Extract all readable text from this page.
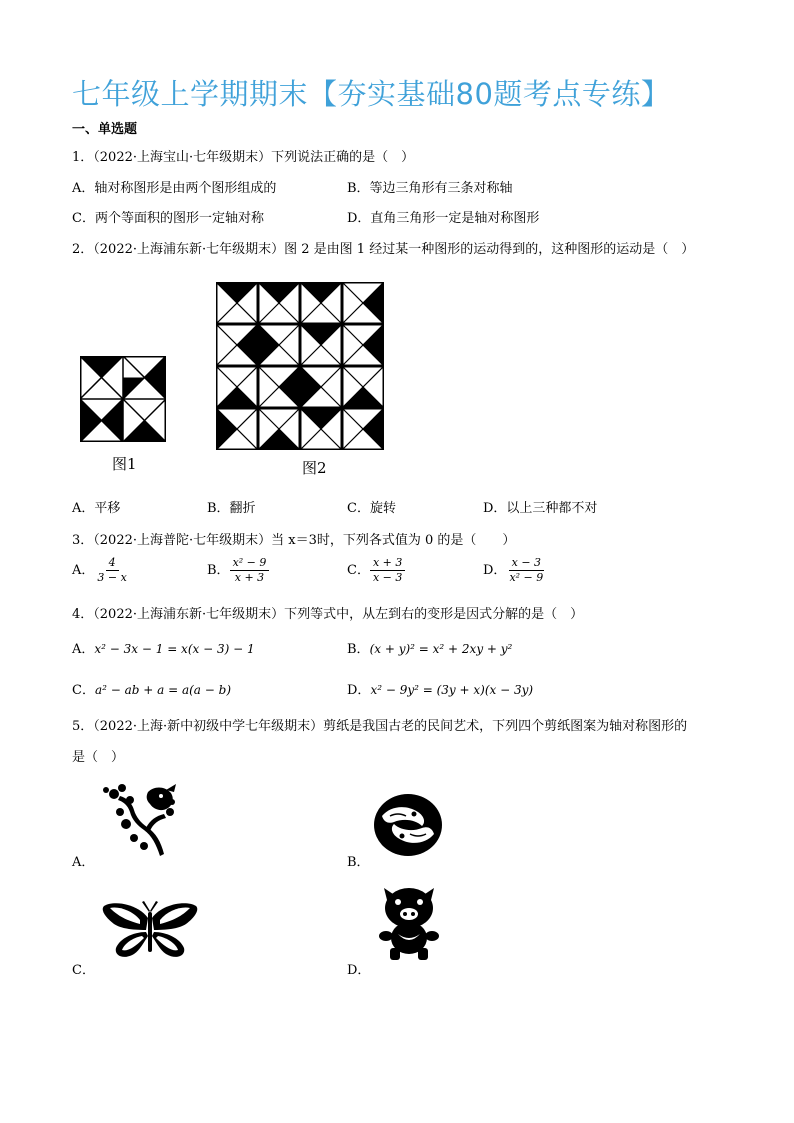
七年级上学期期末【夯实基础80题考点专练】
一、单选题
1．（2022·上海宝山·七年级期末）下列说法正确的是（　）
A．轴对称图形是由两个图形组成的	B．等边三角形有三条对称轴
C．两个等面积的图形一定轴对称	D．直角三角形一定是轴对称图形
2．（2022·上海浦东新·七年级期末）图 2 是由图 1 经过某一种图形的运动得到的，这种图形的运动是（　）
图1	图2
A．平移	B．翻折	C．旋转	D．以上三种都不对
3．（2022·上海普陀·七年级期末）当 x＝3时，下列各式值为 0 的是（　　）
A． $\frac{4}{3 - x}$	B． $\frac{\text{x² − 9}}{x + 3}$	C． $\frac{x + 3}{x - 3}$	D． $\frac{x - 3}{\text{x² − 9}}$
4．（2022·上海浦东新·七年级期末）下列等式中，从左到右的变形是因式分解的是（　）
A．x² − 3x − 1 = x(x − 3) − 1	B．(x + y)² = x² + 2xy + y²
C．a² − ab + a = a(a − b)	D．x² − 9y² = (3y + x)(x − 3y)
5．（2022·上海·新中初级中学七年级期末）剪纸是我国古老的民间艺术，下列四个剪纸图案为轴对称图形的
是（　）
A．	B．
C．	D．
